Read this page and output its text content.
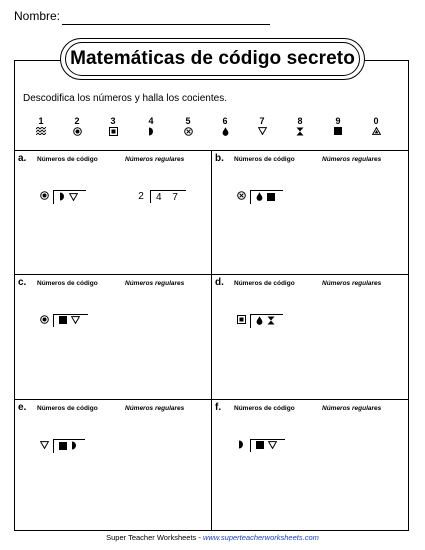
Nombre:
Matemáticas de código secreto
Descodifica los números y halla los cocientes.
1	2	3	4	5	6	7	8	9	0
a. Números de código	Números regulares
2	4 7
b. Números de código	Números regulares
c. Números de código	Números regulares	d. Números de código	Números regulares
e. Números de código	Números regulares	f. Números de código	Números regulares
Super Teacher Worksheets - www.superteacherworksheets.com
